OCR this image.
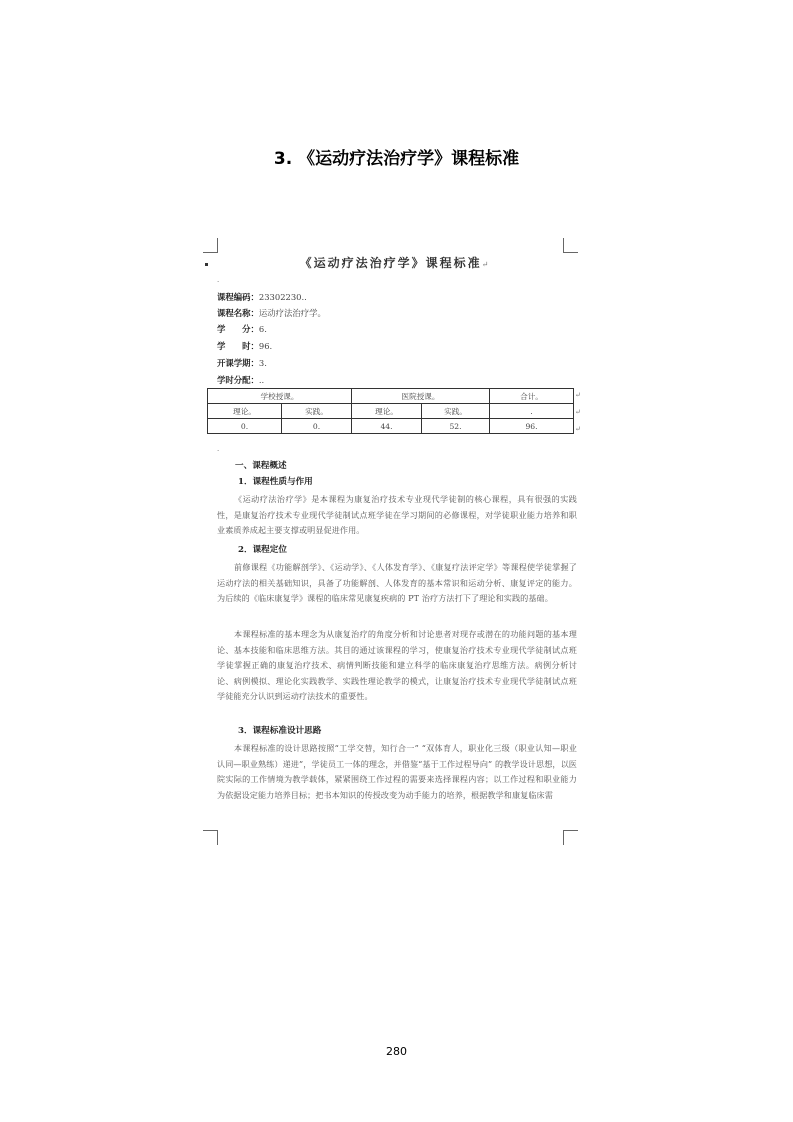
3. 《运动疗法治疗学》课程标准
《运动疗法治疗学》课程标准↵
.
课程编码：23302230..
课程名称：运动疗法治疗学。
学　　分：6.
学　　时：96.
开课学期：3.
学时分配：..
学校授课。		医院授课。		合计。
理论。	实践。	理论。	实践。	.
0.	0.	44.	52.	96.
↵
↵
↵
.
一、课程概述
1．课程性质与作用
《运动疗法治疗学》是本课程为康复治疗技术专业现代学徒制的核心课程，具有很强的实践性，是康复治疗技术专业现代学徒制试点班学徒在学习期间的必修课程，对学徒职业能力培养和职业素质养成起主要支撑或明显促进作用。
2．课程定位
前修课程《功能解剖学》、《运动学》、《人体发育学》、《康复疗法评定学》等课程使学徒掌握了运动疗法的相关基础知识，具备了功能解剖、人体发育的基本常识和运动分析、康复评定的能力。为后续的《临床康复学》课程的临床常见康复疾病的 PT 治疗方法打下了理论和实践的基础。
本课程标准的基本理念为从康复治疗的角度分析和讨论患者对现存或潜在的功能问题的基本理论、基本技能和临床思维方法。其目的通过该课程的学习，使康复治疗技术专业现代学徒制试点班学徒掌握正确的康复治疗技术、病情判断技能和建立科学的临床康复治疗思维方法。病例分析讨论、病例模拟、理论化实践教学、实践性理论教学的模式，让康复治疗技术专业现代学徒制试点班学徒能充分认识到运动疗法技术的重要性。
3．课程标准设计思路
本课程标准的设计思路按照“工学交替，知行合一” “双体育人，职业化三级（职业认知—职业认同—职业熟练）递进”，学徒员工一体的理念，并借鉴“基于工作过程导向” 的教学设计思想，以医院实际的工作情境为教学载体，紧紧围绕工作过程的需要来选择课程内容；以工作过程和职业能力为依据设定能力培养目标；把书本知识的传授改变为动手能力的培养，根据教学和康复临床需
280
